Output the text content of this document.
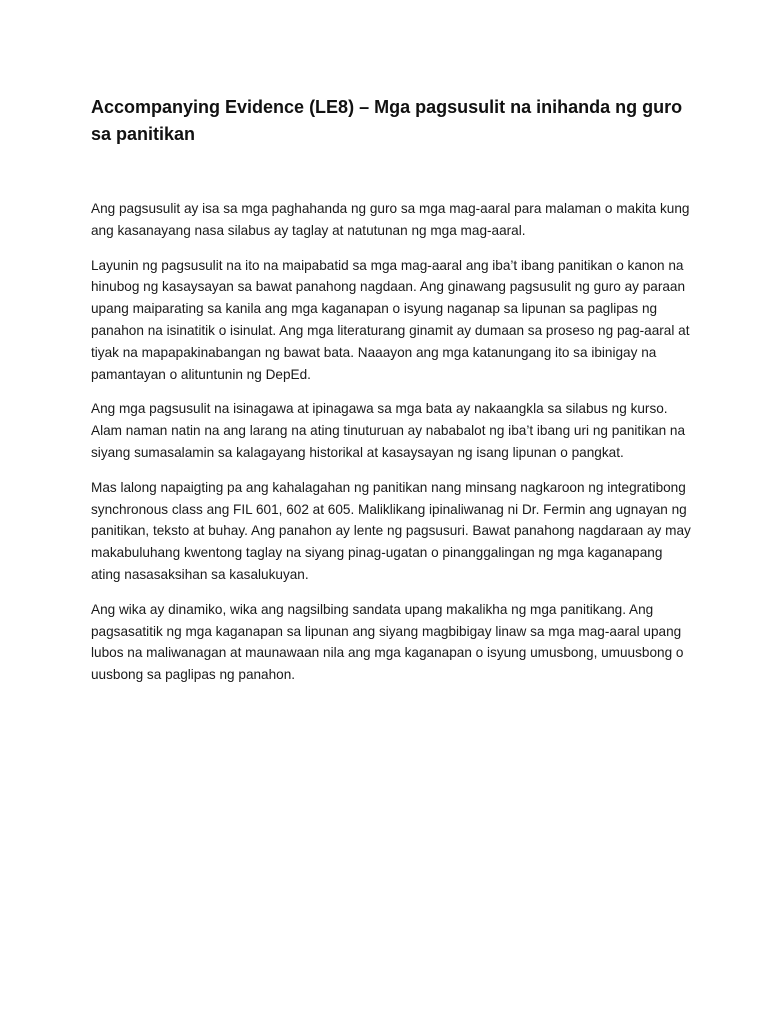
Accompanying Evidence (LE8) – Mga pagsusulit na inihanda ng guro sa panitikan

Ang pagsusulit ay isa sa mga paghahanda ng guro sa mga mag-aaral para malaman o makita kung ang kasanayang nasa silabus ay taglay at natutunan ng mga mag-aaral.

Layunin ng pagsusulit na ito na maipabatid sa mga mag-aaral ang iba’t ibang panitikan o kanon na hinubog ng kasaysayan sa bawat panahong nagdaan. Ang ginawang pagsusulit ng guro ay paraan upang maiparating sa kanila ang mga kaganapan o isyung naganap sa lipunan sa paglipas ng panahon na isinatitik o isinulat. Ang mga literaturang ginamit ay dumaan sa proseso ng pag-aaral at tiyak na mapapakinabangan ng bawat bata. Naaayon ang mga katanungang ito sa ibinigay na pamantayan o alituntunin ng DepEd.

Ang mga pagsusulit na isinagawa at ipinagawa sa mga bata ay nakaangkla sa silabus ng kurso. Alam naman natin na ang larang na ating tinuturuan ay nababalot ng iba’t ibang uri ng panitikan na siyang sumasalamin sa kalagayang historikal at kasaysayan ng isang lipunan o pangkat.

Mas lalong napaigting pa ang kahalagahan ng panitikan nang minsang nagkaroon ng integratibong synchronous class ang FIL 601, 602 at 605. Maliklikang ipinaliwanag ni Dr. Fermin ang ugnayan ng panitikan, teksto at buhay. Ang panahon ay lente ng pagsusuri. Bawat panahong nagdaraan ay may makabuluhang kwentong taglay na siyang pinag-ugatan o pinanggalingan ng mga kaganapang ating nasasaksihan sa kasalukuyan.

Ang wika ay dinamiko, wika ang nagsilbing sandata upang makalikha ng mga panitikang. Ang pagsasatitik ng mga kaganapan sa lipunan ang siyang magbibigay linaw sa mga mag-aaral upang lubos na maliwanagan at maunawaan nila ang mga kaganapan o isyung umusbong, umuusbong o uusbong sa paglipas ng panahon.
